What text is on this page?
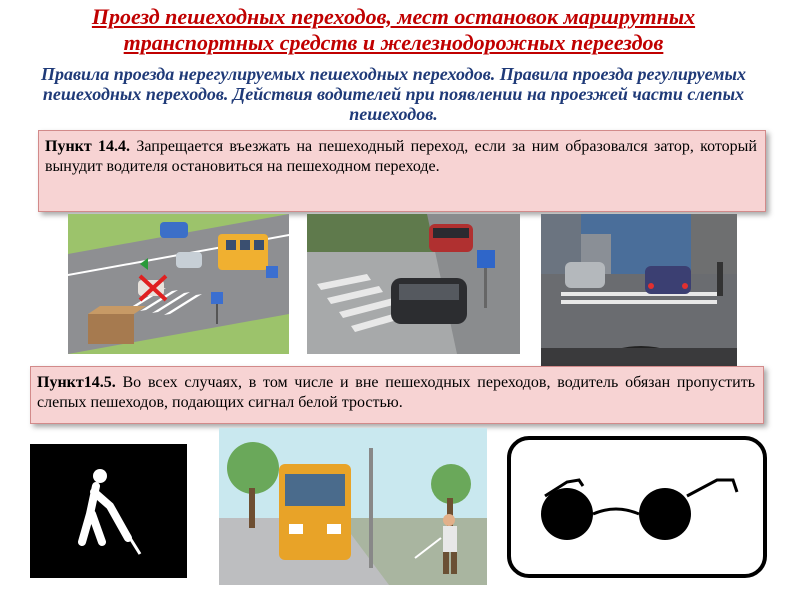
Проезд пешеходных переходов, мест остановок маршрутных
транспортных средств и железнодорожных переездов
Правила проезда нерегулируемых пешеходных переходов. Правила проезда регулируемых пешеходных переходов. Действия водителей при появлении на проезжей части слепых пешеходов.
Пункт 14.4. Запрещается въезжать на пешеходный переход, если за ним образовался затор, который вынудит водителя остановиться на пешеходном переходе.
Пункт14.5. Во всех случаях, в том числе и вне пешеходных переходов, водитель обязан пропустить слепых пешеходов, подающих сигнал белой тростью.
